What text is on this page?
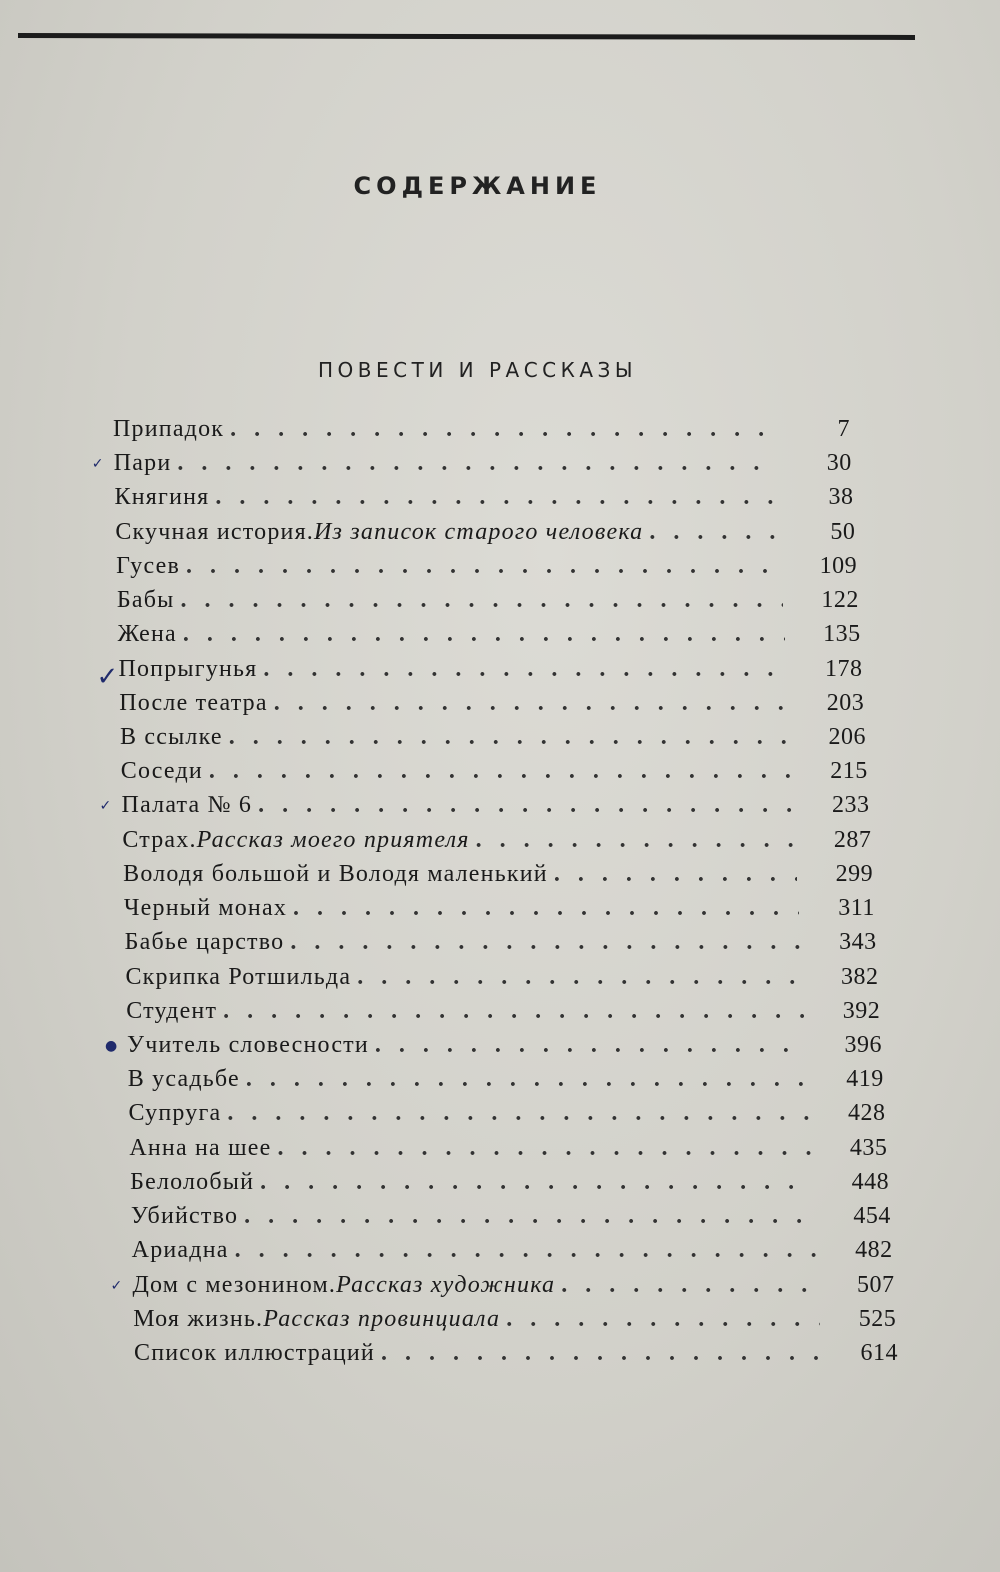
СОДЕРЖАНИЕ
ПОВЕСТИ И РАССКАЗЫ
Припадок . . .	7
Пари . . .	30
✓
Княгиня . . .	38
Скучная история. Из записок старого человека . . .	50
Гусев . . .	109
Бабы . . .	122
Жена . . .	135
Попрыгунья . . .	178
✓
После театра . . .	203
В ссылке . . .	206
Соседи . . .	215
Палата № 6 . . .	233
✓
Страх. Рассказ моего приятеля . . .	287
Володя большой и Володя маленький . . .	299
Черный монах . . .	311
Бабье царство . . .	343
Скрипка Ротшильда . . .	382
Студент . . .	392
Учитель словесности . . .	396
●
В усадьбе . . .	419
Супруга . . .	428
Анна на шее . . .	435
Белолобый . . .	448
Убийство . . .	454
Ариадна . . .	482
Дом с мезонином. Рассказ художника . . .	507
✓
Моя жизнь. Рассказ провинциала . . .	525
Список иллюстраций . . .	614
